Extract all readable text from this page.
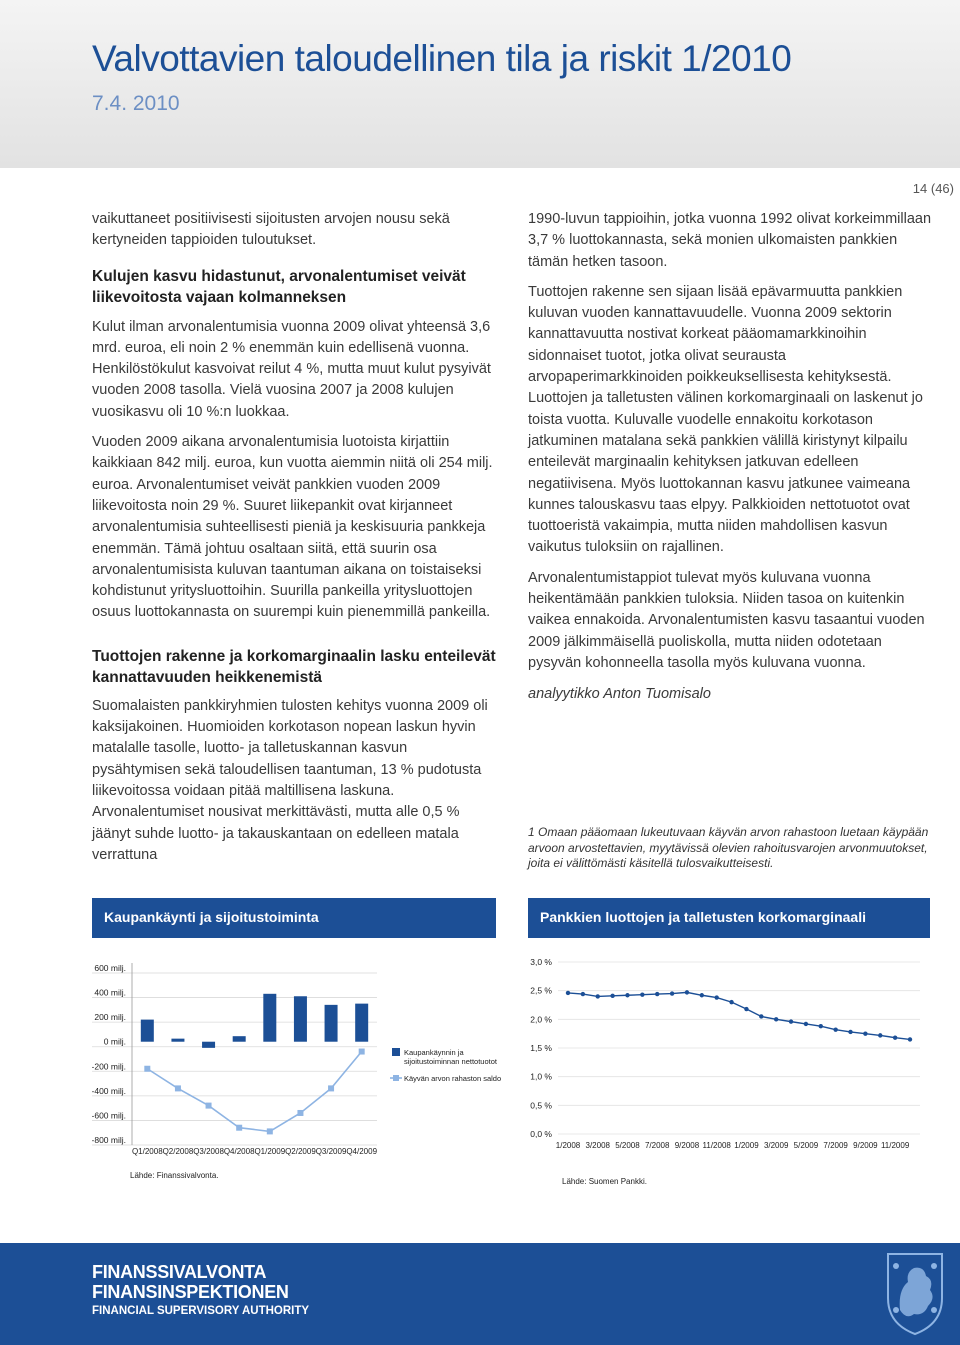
Valvottavien taloudellinen tila ja riskit 1/2010
7.4. 2010
14 (46)

vaikuttaneet positiivisesti sijoitusten arvojen nousu sekä kertyneiden tappioiden tuloutukset.

Kulujen kasvu hidastunut, arvonalentumiset veivät liikevoitosta vajaan kolmanneksen

Kulut ilman arvonalentumisia vuonna 2009 olivat yhteensä 3,6 mrd. euroa, eli noin 2 % enemmän kuin edellisenä vuonna. Henkilöstökulut kasvoivat reilut 4 %, mutta muut kulut pysyivät vuoden 2008 tasolla. Vielä vuosina 2007 ja 2008 kulujen vuosikasvu oli 10 %:n luokkaa.

Vuoden 2009 aikana arvonalentumisia luotoista kirjattiin kaikkiaan 842 milj. euroa, kun vuotta aiemmin niitä oli 254 milj. euroa. Arvonalentumiset veivät pankkien vuoden 2009 liikevoitosta noin 29 %. Suuret liikepankit ovat kirjanneet arvonalentumisia suhteellisesti pieniä ja keskisuuria pankkeja enemmän. Tämä johtuu osaltaan siitä, että suurin osa arvonalentumisista kuluvan taantuman aikana on toistaiseksi kohdistunut yritysluottoihin. Suurilla pankeilla yritysluottojen osuus luottokannasta on suurempi kuin pienemmillä pankeilla.

Tuottojen rakenne ja korkomarginaalin lasku enteilevät kannattavuuden heikkenemistä

Suomalaisten pankkiryhmien tulosten kehitys vuonna 2009 oli kaksijakoinen. Huomioiden korkotason nopean laskun hyvin matalalle tasolle, luotto- ja talletuskannan kasvun pysähtymisen sekä taloudellisen taantuman, 13 % pudotusta liikevoitossa voidaan pitää maltillisena laskuna. Arvonalentumiset nousivat merkittävästi, mutta alle 0,5 % jäänyt suhde luotto- ja takauskantaan on edelleen matala verrattuna

1990-luvun tappioihin, jotka vuonna 1992 olivat korkeimmillaan 3,7 % luottokannasta, sekä monien ulkomaisten pankkien tämän hetken tasoon.

Tuottojen rakenne sen sijaan lisää epävarmuutta pankkien kuluvan vuoden kannattavuudelle. Vuonna 2009 sektorin kannattavuutta nostivat korkeat pääomamarkkinoihin sidonnaiset tuotot, jotka olivat seurausta arvopaperimarkkinoiden poikkeuksellisesta kehityksestä. Luottojen ja talletusten välinen korkomarginaali on laskenut jo toista vuotta. Kuluvalle vuodelle ennakoitu korkotason jatkuminen matalana sekä pankkien välillä kiristynyt kilpailu enteilevät marginaalin kehityksen jatkuvan edelleen negatiivisena. Myös luottokannan kasvu jatkunee vaimeana kunnes talouskasvu taas elpyy. Palkkioiden nettotuotot ovat tuottoeristä vakaimpia, mutta niiden mahdollisen kasvun vaikutus tuloksiin on rajallinen.

Arvonalentumistappiot tulevat myös kuluvana vuonna heikentämään pankkien tuloksia. Niiden tasoa on kuitenkin vaikea ennakoida. Arvonalentumisten kasvu tasaantui vuoden 2009 jälkimmäisellä puoliskolla, mutta niiden odotetaan pysyvän kohonneella tasolla myös kuluvana vuonna.

analyytikko Anton Tuomisalo

1 Omaan pääomaan lukeutuvaan käyvän arvon rahastoon luetaan käypään arvoon arvostettavien, myytävissä olevien rahoitusvarojen arvonmuutokset, joita ei välittömästi käsitellä tulosvaikutteisesti.
Kaupankäynti ja sijoitustoiminta	Pankkien luottojen ja talletusten korkomarginaali
600 milj.
400 milj.
200 milj.
0 milj.
-200 milj.
-400 milj.
-600 milj.
-800 milj.
Q1/2008 Q2/2008 Q3/2008 Q4/2008 Q1/2009 Q2/2009 Q3/2009 Q4/2009
Kaupankäynnin ja
sijoitustoiminnan nettotuotot
Käyvän arvon rahaston saldo
Lähde: Finanssivalvonta.
3,0 %
2,5 %
2,0 %
1,5 %
1,0 %
0,5 %
0,0 %
1/2008 3/2008 5/2008 7/2008 9/2008 11/2008 1/2009 3/2009 5/2009 7/2009 9/2009 11/2009
Lähde: Suomen Pankki.
FINANSSIVALVONTA
FINANSINSPEKTIONEN
FINANCIAL SUPERVISORY AUTHORITY
